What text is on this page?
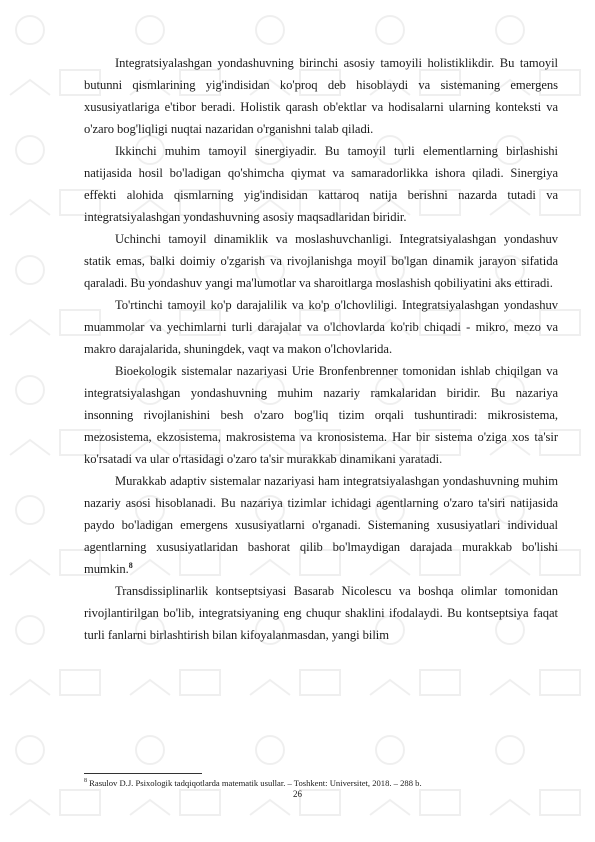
Integratsiyalashgan yondashuvning birinchi asosiy tamoyili holistiklikdir. Bu tamoyil butunni qismlarining yig'indisidan ko'proq deb hisoblaydi va sistemaning emergens xususiyatlariga e'tibor beradi. Holistik qarash ob'ektlar va hodisalarni ularning konteksti va o'zaro bog'liqligi nuqtai nazaridan o'rganishni talab qiladi.

Ikkinchi muhim tamoyil sinergiyadir. Bu tamoyil turli elementlarning birlashishi natijasida hosil bo'ladigan qo'shimcha qiymat va samaradorlikka ishora qiladi. Sinergiya effekti alohida qismlarning yig'indisidan kattaroq natija berishni nazarda tutadi va integratsiyalashgan yondashuvning asosiy maqsadlaridan biridir.

Uchinchi tamoyil dinamiklik va moslashuvchanligi. Integratsiyalashgan yondashuv statik emas, balki doimiy o'zgarish va rivojlanishga moyil bo'lgan dinamik jarayon sifatida qaraladi. Bu yondashuv yangi ma'lumotlar va sharoitlarga moslashish qobiliyatini aks ettiradi.

To'rtinchi tamoyil ko'p darajalilik va ko'p o'lchovliligi. Integratsiyalashgan yondashuv muammolar va yechimlarni turli darajalar va o'lchovlarda ko'rib chiqadi - mikro, mezo va makro darajalarida, shuningdek, vaqt va makon o'lchovlarida.

Bioekologik sistemalar nazariyasi Urie Bronfenbrenner tomonidan ishlab chiqilgan va integratsiyalashgan yondashuvning muhim nazariy ramkalaridan biridir. Bu nazariya insonning rivojlanishini besh o'zaro bog'liq tizim orqali tushuntiradi: mikrosistema, mezosistema, ekzosistema, makrosistema va kronosistema. Har bir sistema o'ziga xos ta'sir ko'rsatadi va ular o'rtasidagi o'zaro ta'sir murakkab dinamikani yaratadi.

Murakkab adaptiv sistemalar nazariyasi ham integratsiyalashgan yondashuvning muhim nazariy asosi hisoblanadi. Bu nazariya tizimlar ichidagi agentlarning o'zaro ta'siri natijasida paydo bo'ladigan emergens xususiyatlarni o'rganadi. Sistemaning xususiyatlari individual agentlarning xususiyatlaridan bashorat qilib bo'lmaydigan darajada murakkab bo'lishi mumkin.$^8$

Transdissiplinarlik kontseptsiyasi Basarab Nicolescu va boshqa olimlar tomonidan rivojlantirilgan bo'lib, integratsiyaning eng chuqur shaklini ifodalaydi. Bu kontseptsiya faqat turli fanlarni birlashtirish bilan kifoyalanmasdan, yangi bilim

$^8$ Rasulov D.J. Psixologik tadqiqotlarda matematik usullar. – Toshkent: Universitet, 2018. – 288 b.
26
